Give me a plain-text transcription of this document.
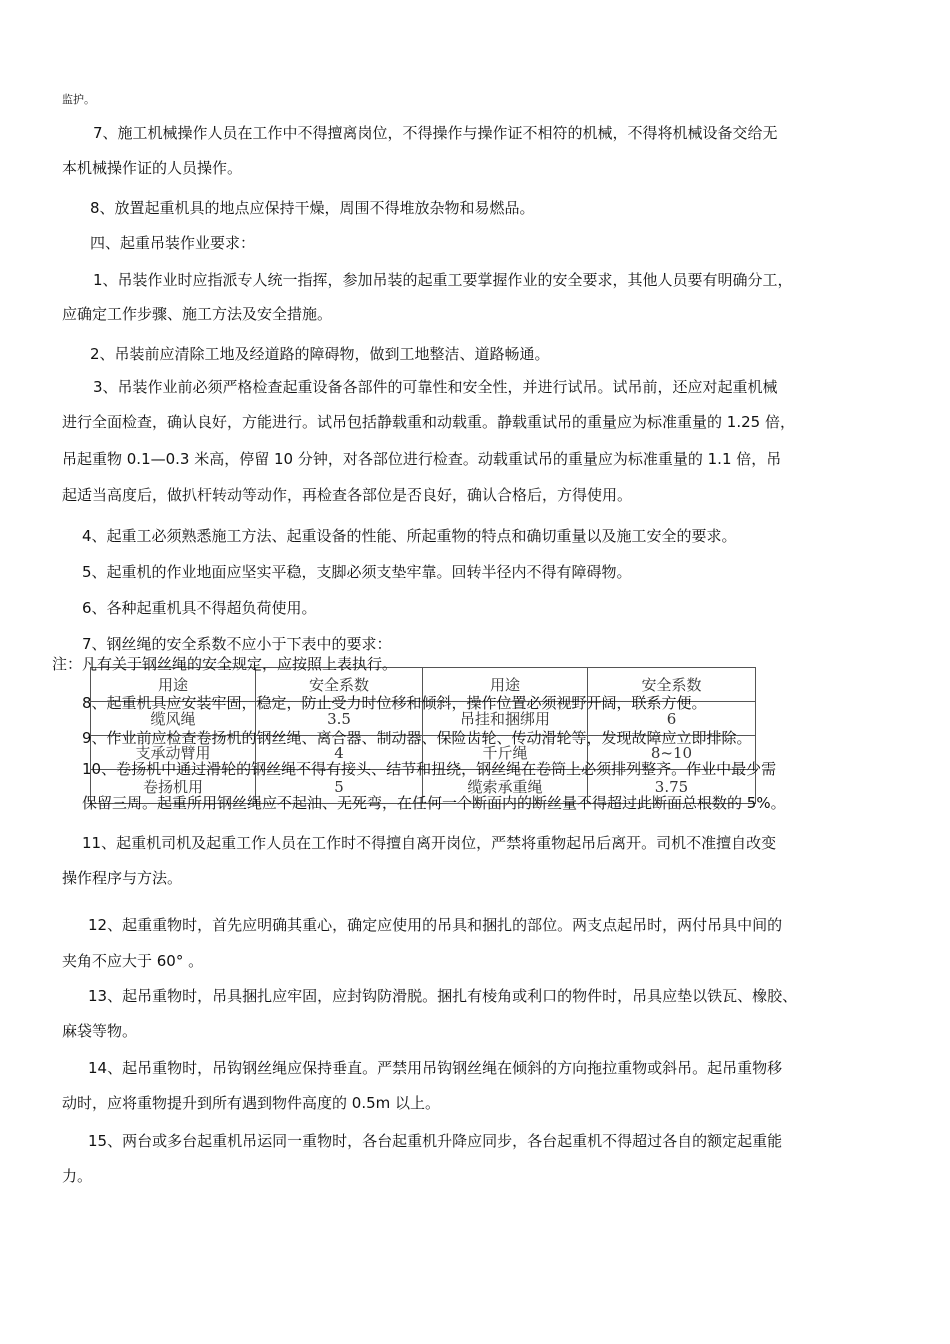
用途	安全系数	用途	安全系数
缆风绳	3.5	吊挂和捆绑用	6
支承动臂用	4	千斤绳	8~10
卷扬机用	5	缆索承重绳	3.75
监护。
7、施工机械操作人员在工作中不得擅离岗位，不得操作与操作证不相符的机械，不得将机械设备交给无
本机械操作证的人员操作。
8、放置起重机具的地点应保持干燥，周围不得堆放杂物和易燃品。
四、起重吊装作业要求：
1、吊装作业时应指派专人统一指挥，参加吊装的起重工要掌握作业的安全要求，其他人员要有明确分工，
应确定工作步骤、施工方法及安全措施。
2、吊装前应清除工地及经道路的障碍物，做到工地整洁、道路畅通。
3、吊装作业前必须严格检查起重设备各部件的可靠性和安全性，并进行试吊。试吊前，还应对起重机械
进行全面检查，确认良好，方能进行。试吊包括静载重和动载重。静载重试吊的重量应为标准重量的 1.25 倍，
吊起重物 0.1—0.3 米高，停留 10 分钟，对各部位进行检查。动载重试吊的重量应为标准重量的 1.1 倍，吊
起适当高度后，做扒杆转动等动作，再检查各部位是否良好，确认合格后，方得使用。
4、起重工必须熟悉施工方法、起重设备的性能、所起重物的特点和确切重量以及施工安全的要求。
5、起重机的作业地面应坚实平稳，支脚必须支垫牢靠。回转半径内不得有障碍物。
6、各种起重机具不得超负荷使用。
7、钢丝绳的安全系数不应小于下表中的要求：
注：凡有关于钢丝绳的安全规定，应按照上表执行。
8、起重机具应安装牢固，稳定，防止受力时位移和倾斜，操作位置必须视野开阔，联系方便。
9、作业前应检查卷扬机的钢丝绳、离合器、制动器、保险齿轮、传动滑轮等，发现故障应立即排除。
10、卷扬机中通过滑轮的钢丝绳不得有接头、结节和扭绕，钢丝绳在卷筒上必须排列整齐。作业中最少需
保留三周。起重所用钢丝绳应不起油、无死弯，在任何一个断面内的断丝量不得超过此断面总根数的 5%。
11、起重机司机及起重工作人员在工作时不得擅自离开岗位，严禁将重物起吊后离开。司机不准擅自改变
操作程序与方法。
12、起重重物时，首先应明确其重心，确定应使用的吊具和捆扎的部位。两支点起吊时，两付吊具中间的
夹角不应大于 60° 。
13、起吊重物时，吊具捆扎应牢固，应封钩防滑脱。捆扎有棱角或利口的物件时，吊具应垫以铁瓦、橡胶、
麻袋等物。
14、起吊重物时，吊钩钢丝绳应保持垂直。严禁用吊钩钢丝绳在倾斜的方向拖拉重物或斜吊。起吊重物移
动时，应将重物提升到所有遇到物件高度的 0.5m 以上。
15、两台或多台起重机吊运同一重物时，各台起重机升降应同步，各台起重机不得超过各自的额定起重能
力。
